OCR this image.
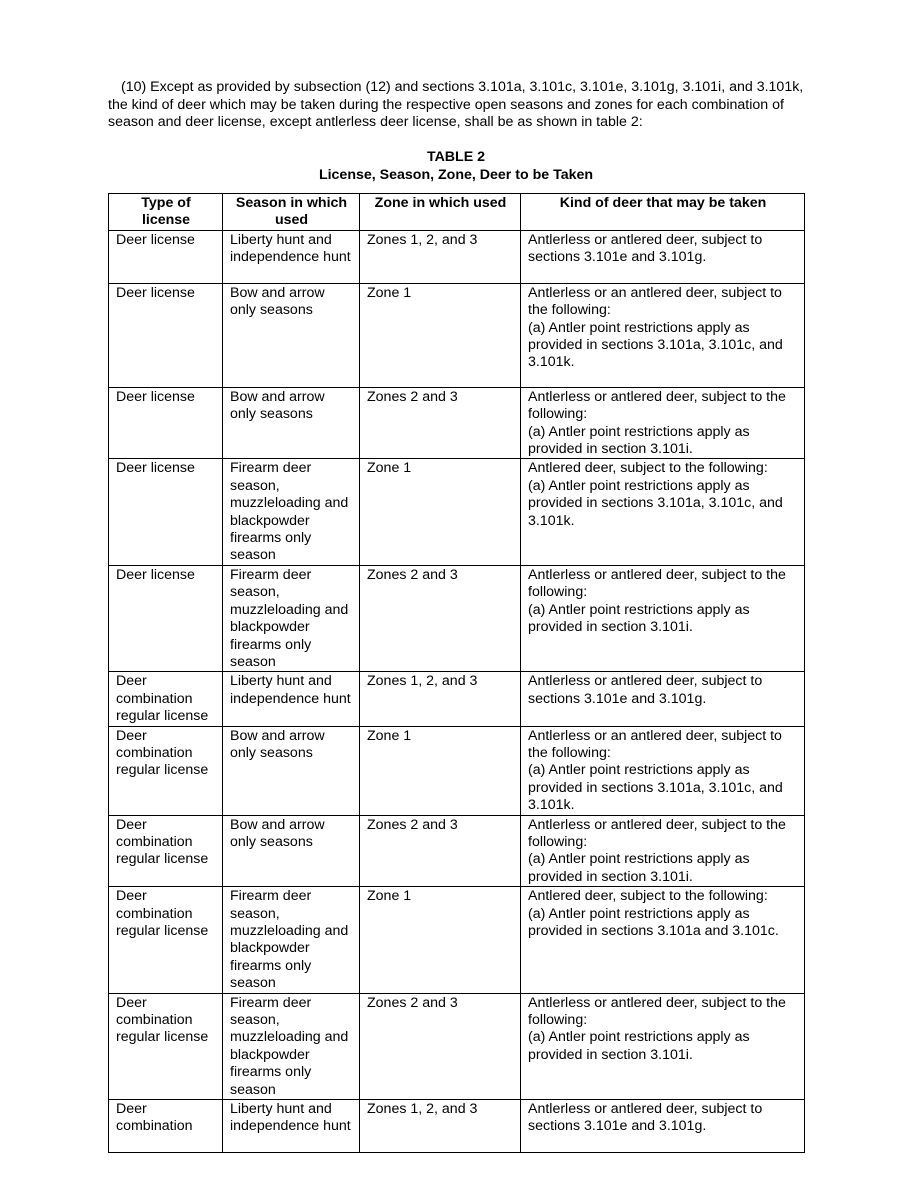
(10) Except as provided by subsection (12) and sections 3.101a, 3.101c, 3.101e, 3.101g, 3.101i, and 3.101k, the kind of deer which may be taken during the respective open seasons and zones for each combination of season and deer license, except antlerless deer license, shall be as shown in table 2:

TABLE 2
License, Season, Zone, Deer to be Taken
Type of license	Season in which used	Zone in which used	Kind of deer that may be taken
Deer license	Liberty hunt and independence hunt	Zones 1, 2, and 3	Antlerless or antlered deer, subject to sections 3.101e and 3.101g.
Deer license	Bow and arrow only seasons	Zone 1	Antlerless or an antlered deer, subject to the following:
(a) Antler point restrictions apply as provided in sections 3.101a, 3.101c, and 3.101k.
Deer license	Bow and arrow only seasons	Zones 2 and 3	Antlerless or antlered deer, subject to the following:
(a) Antler point restrictions apply as provided in section 3.101i.
Deer license	Firearm deer season, muzzleloading and blackpowder firearms only season	Zone 1	Antlered deer, subject to the following:
(a) Antler point restrictions apply as provided in sections 3.101a, 3.101c, and 3.101k.
Deer license	Firearm deer season, muzzleloading and blackpowder firearms only season	Zones 2 and 3	Antlerless or antlered deer, subject to the following:
(a) Antler point restrictions apply as provided in section 3.101i.
Deer combination regular license	Liberty hunt and independence hunt	Zones 1, 2, and 3	Antlerless or antlered deer, subject to sections 3.101e and 3.101g.
Deer combination regular license	Bow and arrow only seasons	Zone 1	Antlerless or an antlered deer, subject to the following:
(a) Antler point restrictions apply as provided in sections 3.101a, 3.101c, and 3.101k.
Deer combination regular license	Bow and arrow only seasons	Zones 2 and 3	Antlerless or antlered deer, subject to the following:
(a) Antler point restrictions apply as provided in section 3.101i.
Deer combination regular license	Firearm deer season, muzzleloading and blackpowder firearms only season	Zone 1	Antlered deer, subject to the following:
(a) Antler point restrictions apply as provided in sections 3.101a and 3.101c.
Deer combination regular license	Firearm deer season, muzzleloading and blackpowder firearms only season	Zones 2 and 3	Antlerless or antlered deer, subject to the following:
(a) Antler point restrictions apply as provided in section 3.101i.
Deer combination	Liberty hunt and independence hunt	Zones 1, 2, and 3	Antlerless or antlered deer, subject to sections 3.101e and 3.101g.
